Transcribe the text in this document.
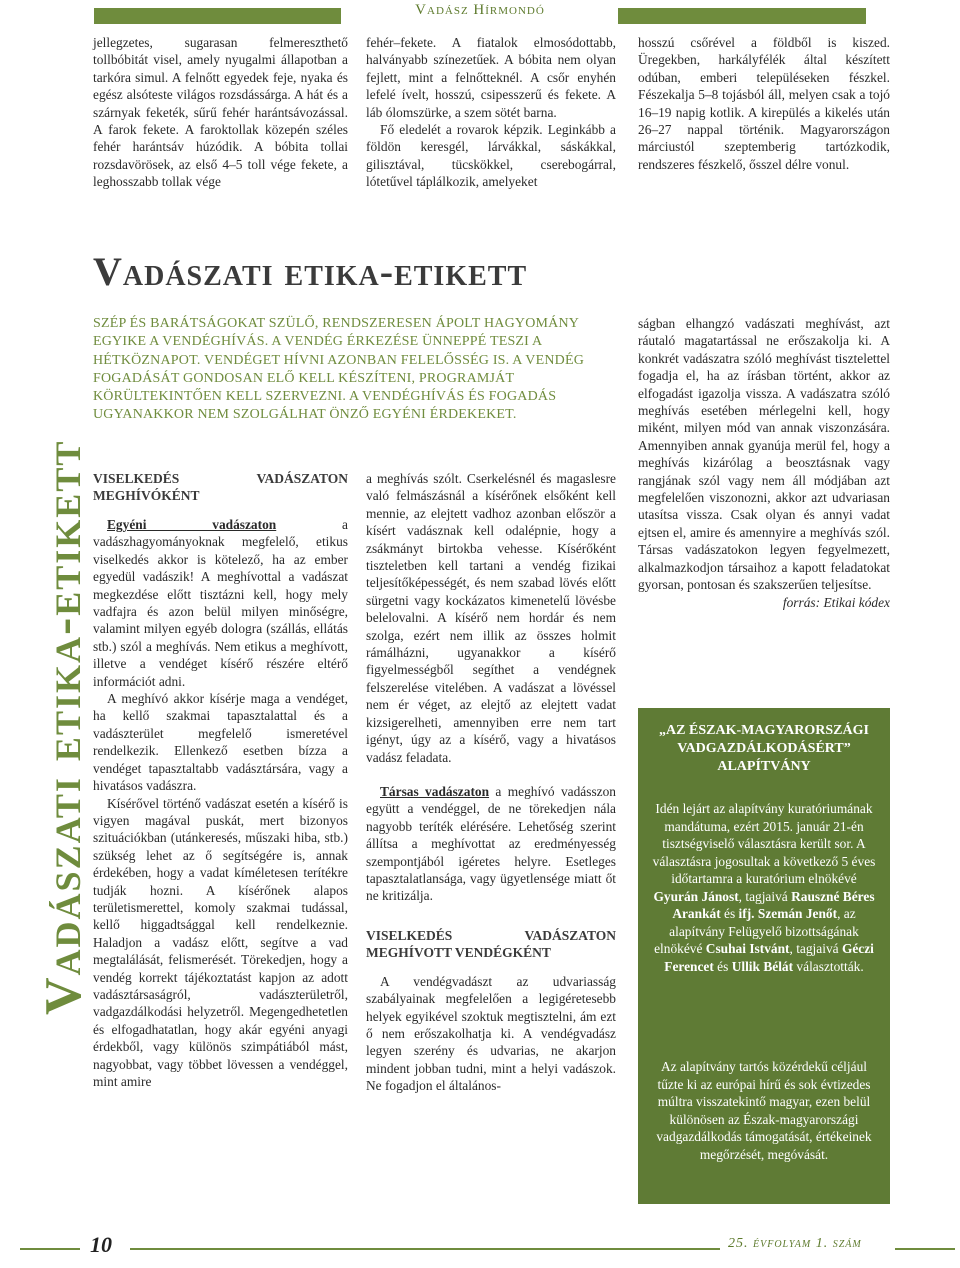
Vadász Hírmondó

jellegzetes, sugarasan felmereszthető tollbóbitát visel, amely nyugalmi állapotban a tarkóra simul. A felnőtt egyedek feje, nyaka és egész alsóteste világos rozsdássárga. A hát és a szárnyak feketék, sűrű fehér harántsávozással. A farok fekete. A faroktollak közepén széles fehér harántsáv húzódik. A bóbita tollai rozsdavörösek, az első 4–5 toll vége fekete, a leghosszabb tollak vége

fehér–fekete. A fiatalok elmosódottabb, halványabb színezetűek. A bóbita nem olyan fejlett, mint a felnőtteknél. A csőr enyhén lefelé ívelt, hosszú, csipesszerű és fekete. A láb ólomszürke, a szem sötét barna.

Fő eledelét a rovarok képzik. Leginkább a földön keresgél, lárvákkal, sáskákkal, gilisztával, tücskökkel, cserebogárral, lótetűvel táplálkozik, amelyeket

hosszú csőrével a földből is kiszed. Üregekben, harkályfélék által készített odúban, emberi településeken fészkel. Fészekalja 5–8 tojásból áll, melyen csak a tojó 16–19 napig kotlik. A kirepülés a kikelés után 26–27 nappal történik. Magyarországon márciustól szeptemberig tartózkodik, rendszeres fészkelő, ősszel délre vonul.

Vadászati etika-etikett
Vadászati etika-etikett
SZÉP ÉS BARÁTSÁGOKAT SZÜLŐ, RENDSZERESEN ÁPOLT HAGYOMÁNY EGYIKE A VENDÉGHÍVÁS. A VENDÉG ÉRKEZÉSE ÜNNEPPÉ TESZI A HÉTKÖZNAPOT. VENDÉGET HÍVNI AZONBAN FELELŐSSÉG IS. A VENDÉG FOGADÁSÁT GONDOSAN ELŐ KELL KÉSZÍTENI, PROGRAMJÁT KÖRÜLTEKINTŐEN KELL SZERVEZNI. A VENDÉGHÍVÁS ÉS FOGADÁS UGYANAKKOR NEM SZOLGÁLHAT ÖNZŐ EGYÉNI ÉRDEKEKET.
VISELKEDÉS VADÁSZATON MEGHÍVÓKÉNT

Egyéni vadászaton a vadászhagyományoknak megfelelő, etikus viselkedés akkor is kötelező, ha az ember egyedül vadászik! A meghívottal a vadászat megkezdése előtt tisztázni kell, hogy mely vadfajra és azon belül milyen minőségre, valamint milyen egyéb dologra (szállás, ellátás stb.) szól a meghívás. Nem etikus a meghívott, illetve a vendéget kísérő részére eltérő információt adni.

A meghívó akkor kísérje maga a vendéget, ha kellő szakmai tapasztalattal és a vadászterület megfelelő ismeretével rendelkezik. Ellenkező esetben bízza a vendéget tapasztaltabb vadásztársára, vagy a hivatásos vadászra.

Kísérővel történő vadászat esetén a kísérő is vigyen magával puskát, mert bizonyos szituációkban (utánkeresés, műszaki hiba, stb.) szükség lehet az ő segítségére is, annak érdekében, hogy a vadat kíméletesen terítékre tudják hozni. A kísérőnek alapos területismerettel, komoly szakmai tudással, kellő higgadtsággal kell rendelkeznie. Haladjon a vadász előtt, segítve a vad megtalálását, felismerését. Törekedjen, hogy a vendég korrekt tájékoztatást kapjon az adott vadásztársaságról, vadászterületről, vadgazdálkodási helyzetről. Megengedhetetlen és elfogadhatatlan, hogy akár egyéni anyagi érdekből, vagy különös szimpátiából mást, nagyobbat, vagy többet lövessen a vendéggel, mint amire

a meghívás szólt. Cserkelésnél és magaslesre való felmászásnál a kísérőnek elsőként kell mennie, az elejtett vadhoz azonban először a kísért vadásznak kell odalépnie, hogy a zsákmányt birtokba vehesse. Kísérőként tiszteletben kell tartani a vendég fizikai teljesítőképességét, és nem szabad lövés előtt sürgetni vagy kockázatos kimenetelű lövésbe belelovalni. A kísérő nem hordár és nem szolga, ezért nem illik az összes holmit rámálházni, ugyanakkor a kísérő figyelmességből segíthet a vendégnek felszerelése vitelében. A vadászat a lövéssel nem ér véget, az elejtő az elejtett vadat kizsigerelheti, amennyiben erre nem tart igényt, úgy az a kísérő, vagy a hivatásos vadász feladata.

Társas vadászaton a meghívó vadásszon együtt a vendéggel, de ne törekedjen nála nagyobb teríték elérésére. Lehetőség szerint állítsa a meghívottat az eredményesség szempontjából igéretes helyre. Esetleges tapasztalatlansága, vagy ügyetlensége miatt őt ne kritizálja.

VISELKEDÉS VADÁSZATON MEGHÍVOTT VENDÉGKÉNT

A vendégvadászt az udvariasság szabályainak megfelelően a legigéretesebb helyek egyikével szoktuk megtisztelni, ám ezt ő nem erőszakolhatja ki. A vendégvadász legyen szerény és udvarias, ne akarjon mindent jobban tudni, mint a helyi vadászok. Ne fogadjon el általános-

ságban elhangzó vadászati meghívást, azt ráutaló magatartással ne erőszakolja ki. A konkrét vadászatra szóló meghívást tisztelettel fogadja el, ha az írásban történt, akkor az elfogadást igazolja vissza. A vadászatra szóló meghívás esetében mérlegelni kell, hogy miként, milyen mód van annak viszonzására. Amennyiben annak gyanúja merül fel, hogy a meghívás kizárólag a beosztásnak vagy rangjának szól vagy nem áll módjában azt megfelelően viszonozni, akkor azt udvariasan utasítsa vissza. Csak olyan és annyi vadat ejtsen el, amire és amennyire a meghívás szól. Társas vadászatokon legyen fegyelmezett, alkalmazkodjon társaihoz a kapott feladatokat gyorsan, pontosan és szakszerűen teljesítse.

forrás: Etikai kódex

„AZ ÉSZAK-MAGYARORSZÁGI VADGAZDÁLKODÁSÉRT” ALAPÍTVÁNY
Idén lejárt az alapítvány kuratóriumának mandátuma, ezért 2015. január 21-én tisztségviselő választásra került sor. A választásra jogosultak a következő 5 éves időtartamra a kuratórium elnökévé Gyurán Jánost, tagjaivá Rauszné Béres Arankát és ifj. Szemán Jenőt, az alapítvány Felügyelő bizottságának elnökévé Csuhai Istvánt, tagjaivá Géczi Ferencet és Ullik Bélát választották.
Az alapítvány tartós közérdekű céljául tűzte ki az európai hírű és sok évtizedes múltra visszatekintő magyar, ezen belül különösen az Észak-magyarországi vadgazdálkodás támogatását, értékeinek megőrzését, megóvását.
10	25. évfolyam 1. szám
